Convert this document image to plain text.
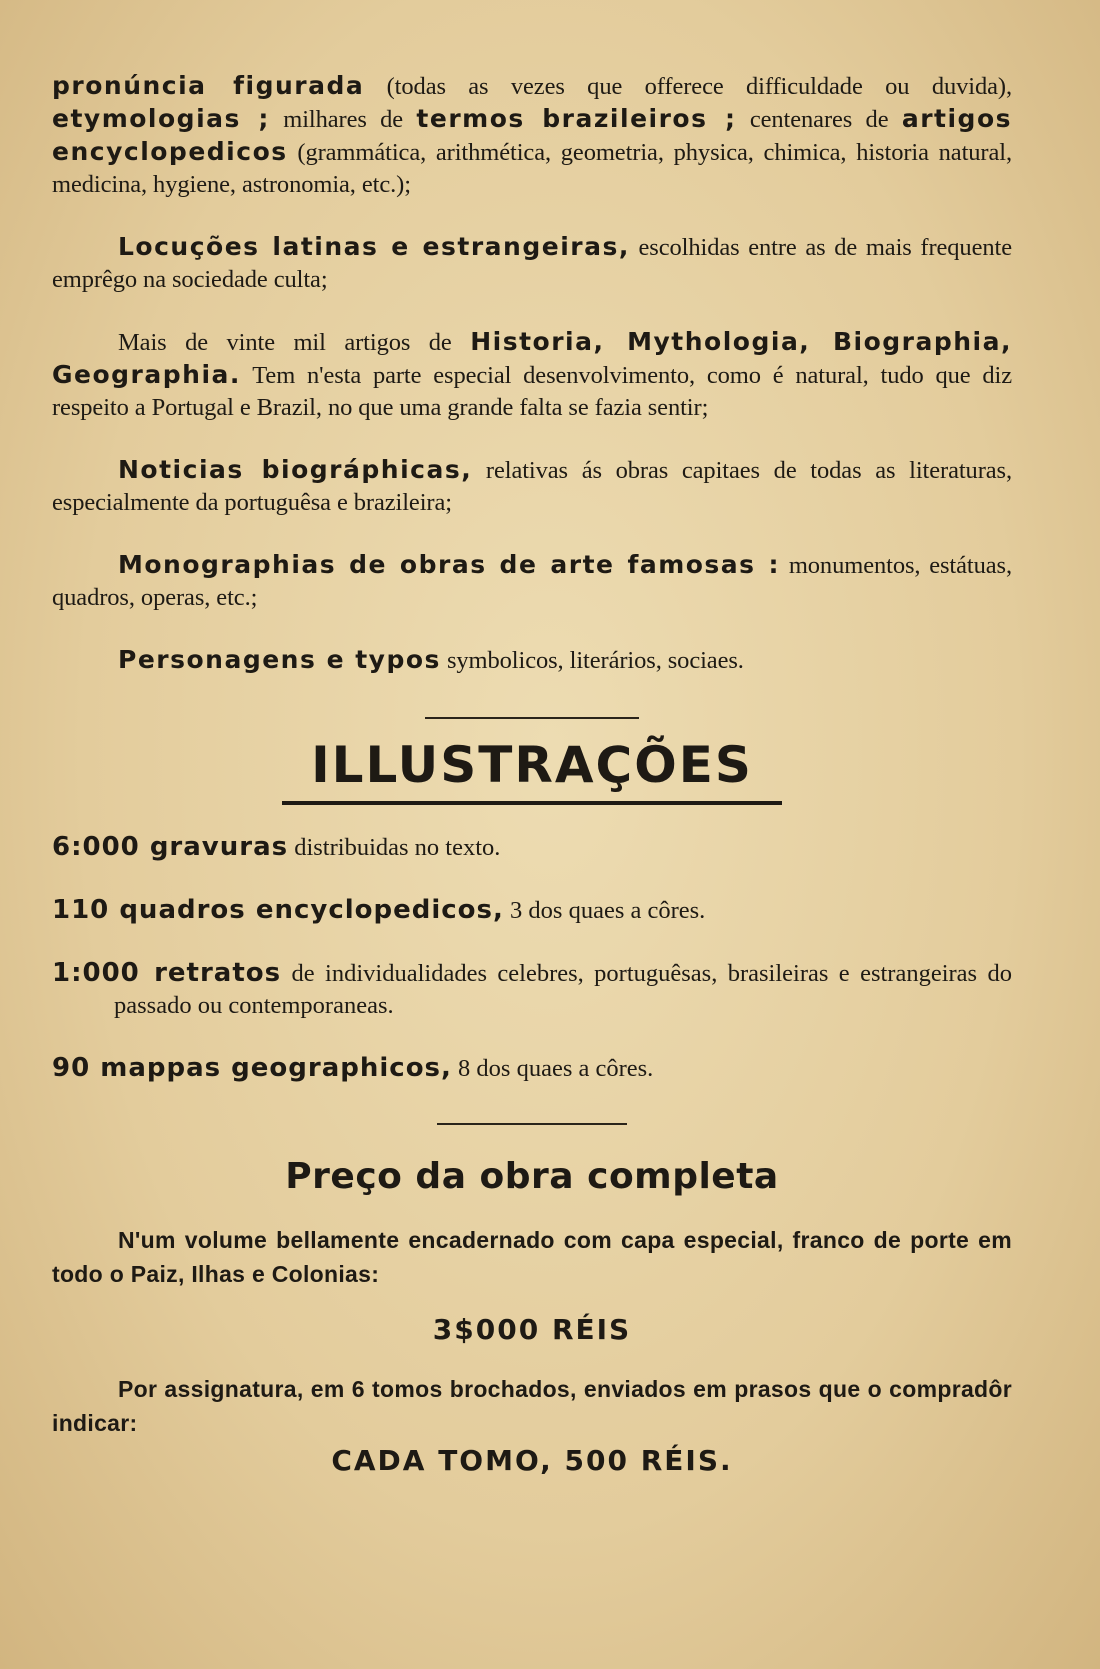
pronúncia figurada (todas as vezes que offerece difficuldade ou duvida), etymologias ; milhares de termos brazileiros ; centenares de artigos encyclopedicos (grammática, arithmética, geometria, physica, chimica, historia natural, medicina, hygiene, astronomia, etc.);

Locuções latinas e estrangeiras, escolhidas entre as de mais frequente emprêgo na sociedade culta;

Mais de vinte mil artigos de Historia, Mythologia, Biographia, Geographia. Tem n'esta parte especial desenvolvimento, como é natural, tudo que diz respeito a Portugal e Brazil, no que uma grande falta se fazia sentir;

Noticias biográphicas, relativas ás obras capitaes de todas as literaturas, especialmente da portuguêsa e brazileira;

Monographias de obras de arte famosas : monumentos, estátuas, quadros, operas, etc.;

Personagens e typos symbolicos, literários, sociaes.

ILLUSTRAÇÕES

6:000 gravuras distribuidas no texto.

110 quadros encyclopedicos, 3 dos quaes a côres.

1:000 retratos de individualidades celebres, portuguêsas, brasileiras e estrangeiras do passado ou contemporaneas.

90 mappas geographicos, 8 dos quaes a côres.

Preço da obra completa

N'um volume bellamente encadernado com capa especial, franco de porte em todo o Paiz, Ilhas e Colonias:

3$000 RÉIS

Por assignatura, em 6 tomos brochados, enviados em prasos que o compradôr indicar:

CADA TOMO, 500 RÉIS.
